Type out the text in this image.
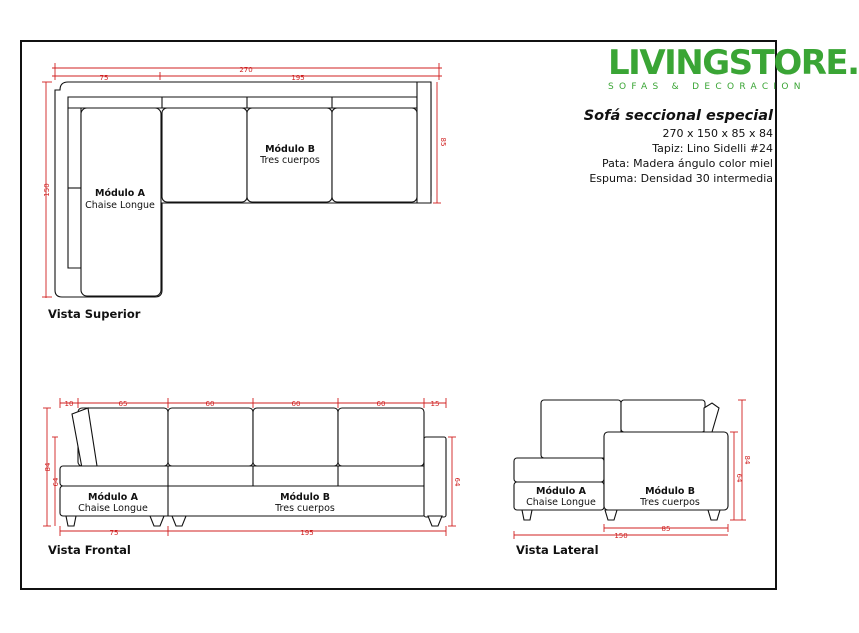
LIVINGSTORE.
SOFAS & DECORACION
Sofá seccional especial
270 x 150 x 85 x 84
Tapiz: Lino Sidelli #24
Pata: Madera ángulo color miel
Espuma: Densidad 30 intermedia
Vista Superior
Vista Frontal	Vista Lateral
Módulo A
Chaise Longue
Módulo B
Tres cuerpos
270
75	195
150
85
Módulo A
Chaise Longue
Módulo B
Tres cuerpos
10	65	60	60	60	15
75	195
84
64	64
Módulo A
Chaise Longue
Módulo B
Tres cuerpos
85
150
64
84
